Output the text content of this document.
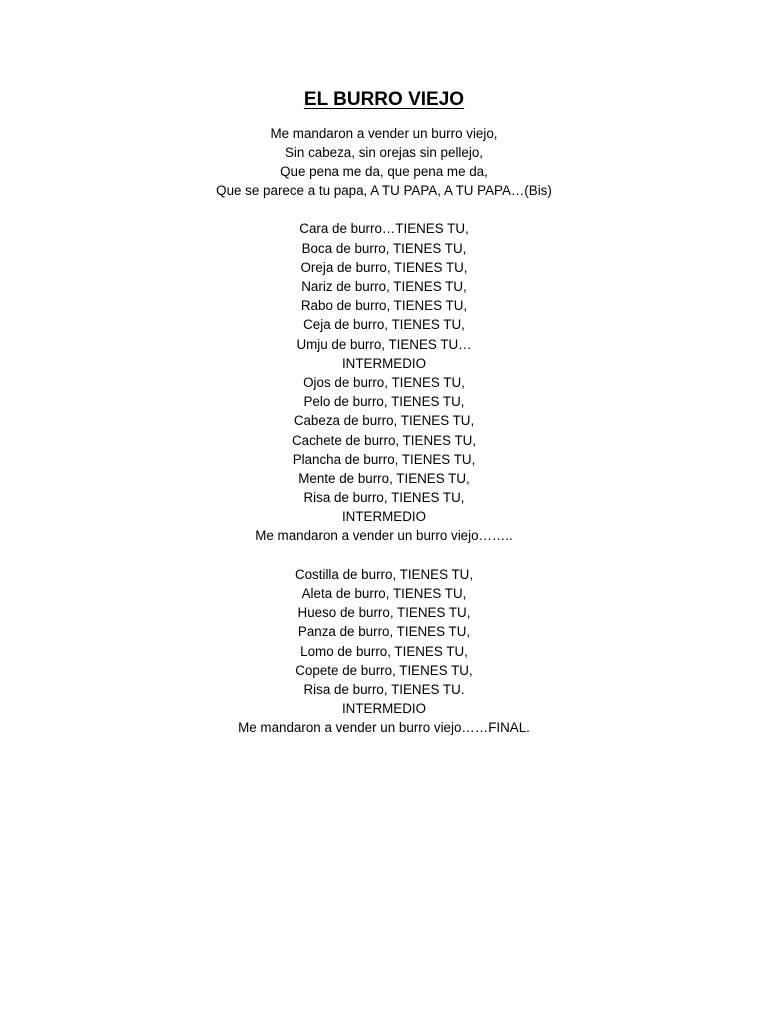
EL BURRO VIEJO
Me mandaron a vender un burro viejo,
Sin cabeza, sin orejas sin pellejo,
Que pena me da, que pena me da,
Que se parece a tu papa, A TU PAPA, A TU PAPA…(Bis)
Cara de burro…TIENES TU,
Boca de burro, TIENES TU,
Oreja de burro, TIENES TU,
Nariz de burro, TIENES TU,
Rabo de burro, TIENES TU,
Ceja de burro, TIENES TU,
Umju de burro, TIENES TU…
INTERMEDIO
Ojos de burro, TIENES TU,
Pelo de burro, TIENES TU,
Cabeza de burro, TIENES TU,
Cachete de burro, TIENES TU,
Plancha de burro, TIENES TU,
Mente de burro, TIENES TU,
Risa de burro, TIENES TU,
INTERMEDIO
Me mandaron a vender un burro viejo……..
Costilla de burro, TIENES TU,
Aleta de burro, TIENES TU,
Hueso de burro, TIENES TU,
Panza de burro, TIENES TU,
Lomo de burro, TIENES TU,
Copete de burro, TIENES TU,
Risa de burro, TIENES TU.
INTERMEDIO
Me mandaron a vender un burro viejo……FINAL.
